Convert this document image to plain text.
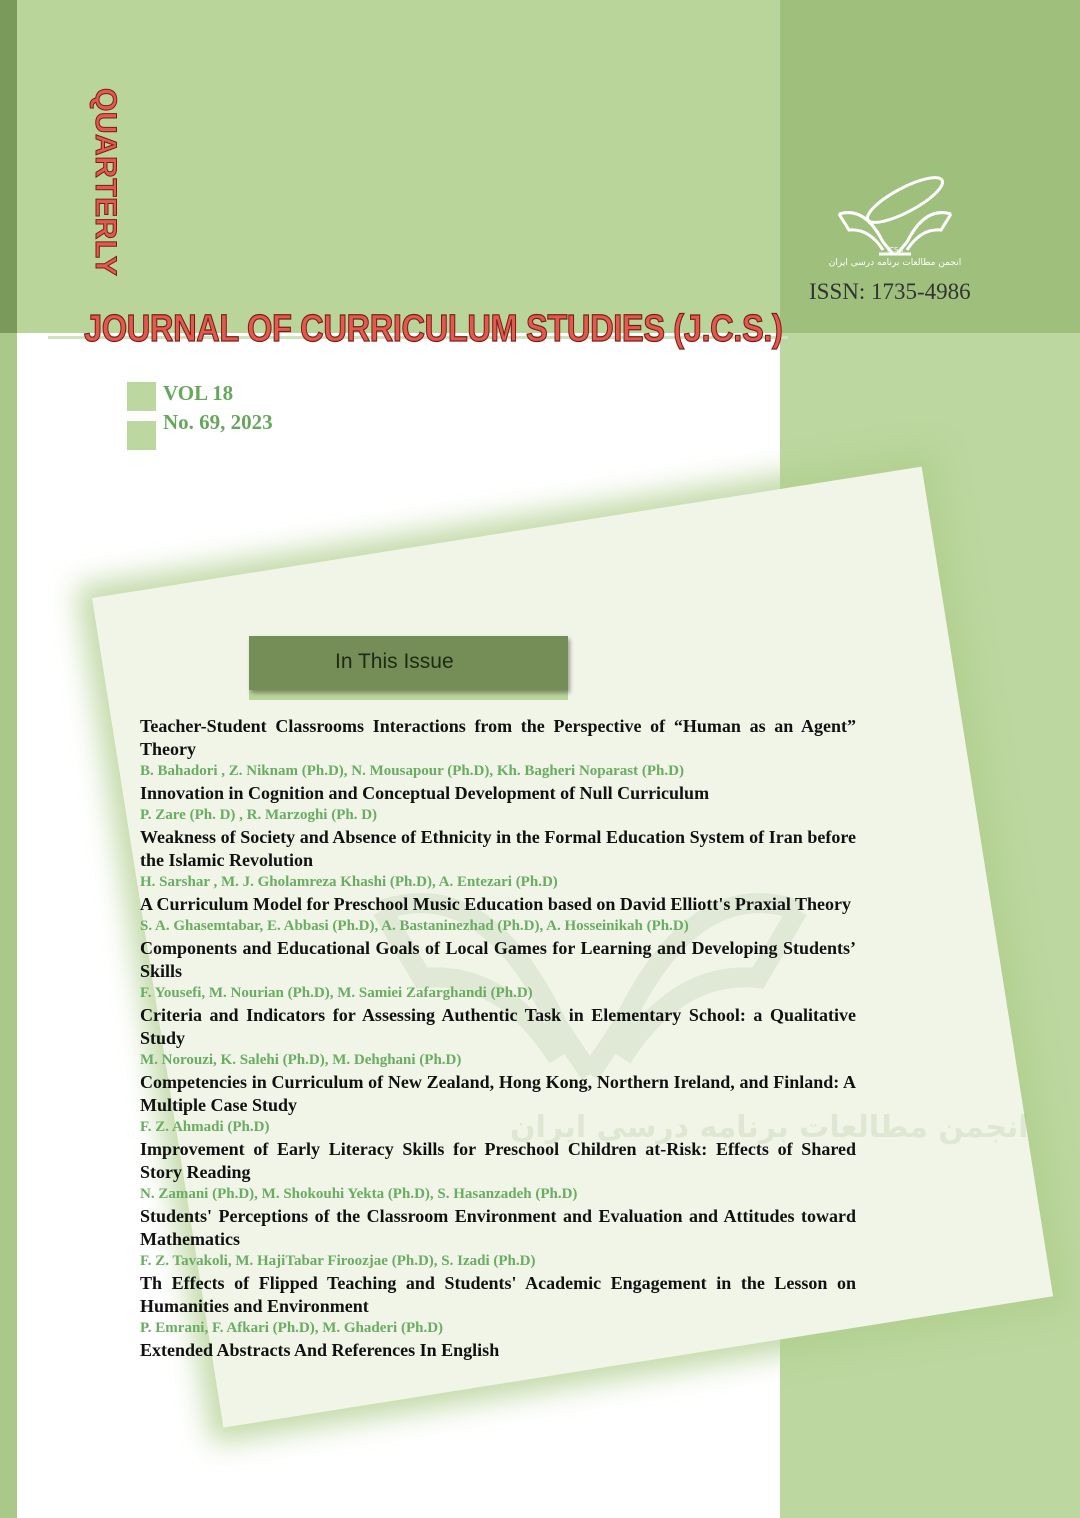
QUARTERLY
JOURNAL OF CURRICULUM STUDIES (J.C.S.)
ICSA
انجمن مطالعات برنامه درسی ایران
ISSN: 1735-4986
VOL 18
No. 69, 2023
انجمن مطالعات برنامه درسی ایران
In This Issue
Teacher-Student Classrooms Interactions from the Perspective of “Human as an Agent” Theory
B. Bahadori , Z. Niknam (Ph.D), N. Mousapour (Ph.D), Kh. Bagheri Noparast (Ph.D)
Innovation in Cognition and Conceptual Development of Null Curriculum
P. Zare (Ph. D) , R. Marzoghi (Ph. D)
Weakness of Society and Absence of Ethnicity in the Formal Education System of Iran before the Islamic Revolution
H. Sarshar , M. J. Gholamreza Khashi (Ph.D), A. Entezari (Ph.D)
A Curriculum Model for Preschool Music Education based on David Elliott's Praxial Theory
S. A. Ghasemtabar, E. Abbasi (Ph.D), A. Bastaninezhad (Ph.D), A. Hosseinikah (Ph.D)
Components and Educational Goals of Local Games for Learning and Developing Students’ Skills
F. Yousefi, M. Nourian (Ph.D), M. Samiei Zafarghandi (Ph.D)
Criteria and Indicators for Assessing Authentic Task in Elementary School: a Qualitative Study
M. Norouzi, K. Salehi (Ph.D), M. Dehghani (Ph.D)
Competencies in Curriculum of New Zealand, Hong Kong, Northern Ireland, and Finland: A Multiple Case Study
F. Z. Ahmadi (Ph.D)
Improvement of Early Literacy Skills for Preschool Children at-Risk: Effects of Shared Story Reading
N. Zamani (Ph.D), M. Shokouhi Yekta (Ph.D), S. Hasanzadeh (Ph.D)
Students' Perceptions of the Classroom Environment and Evaluation and Attitudes toward Mathematics
F. Z. Tavakoli, M. HajiTabar Firoozjae (Ph.D), S. Izadi (Ph.D)
Th Effects of Flipped Teaching and Students' Academic Engagement in the Lesson on Humanities and Environment
P. Emrani, F. Afkari (Ph.D), M. Ghaderi (Ph.D)
Extended Abstracts And References In English
